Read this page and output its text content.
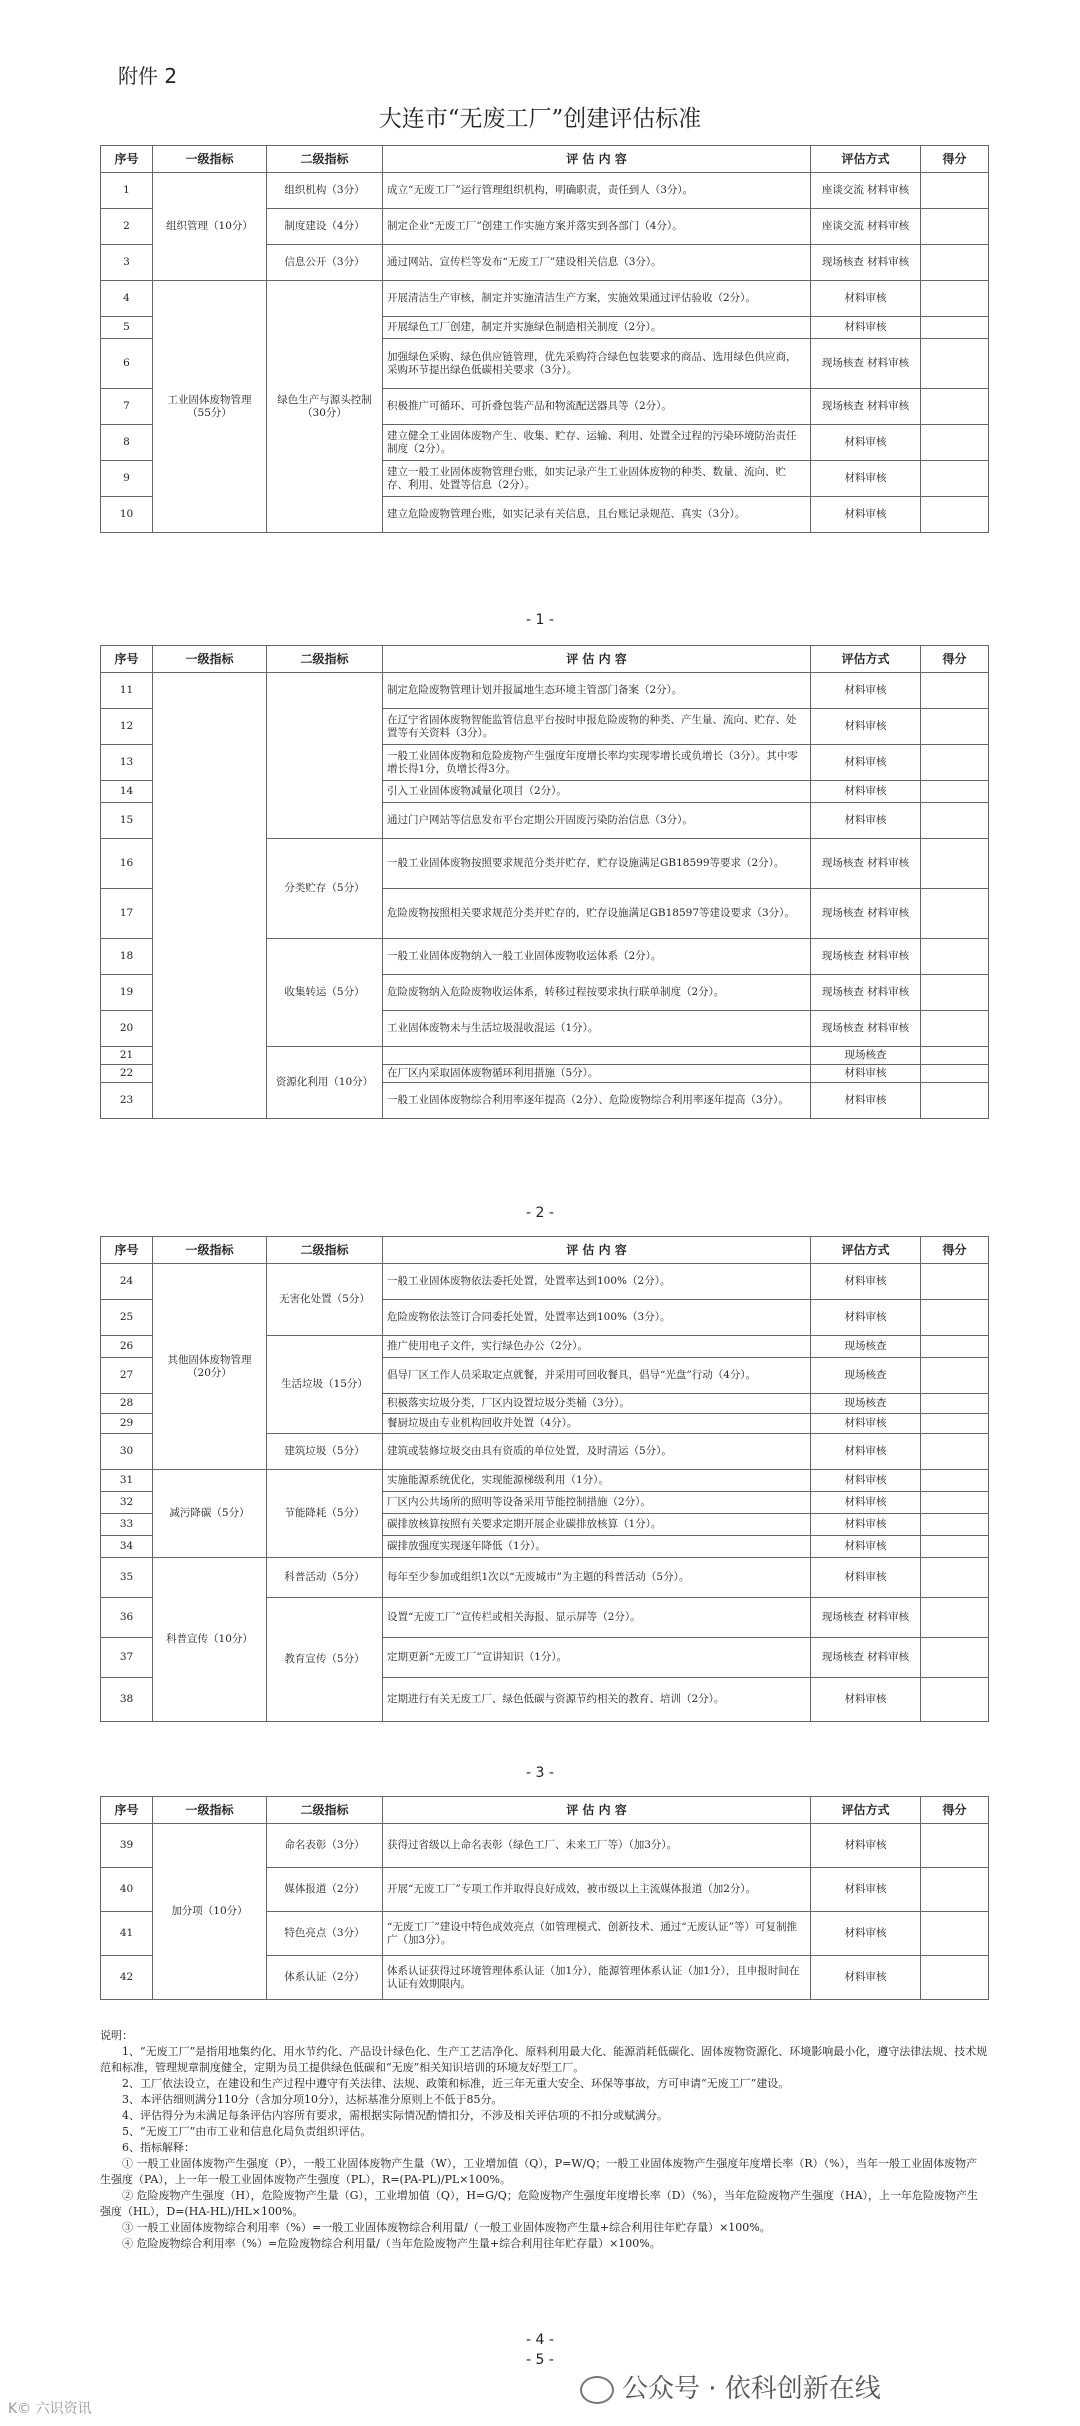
附件 2
大连市“无废工厂”创建评估标准
序号	一级指标	二级指标	评 估 内 容	评估方式	得分
1	组织管理（10分）	组织机构（3分）	成立“无废工厂”运行管理组织机构，明确职责，责任到人（3分）。	座谈交流 材料审核	
2		制度建设（4分）	制定企业“无废工厂”创建工作实施方案并落实到各部门（4分）。	座谈交流 材料审核	
3		信息公开（3分）	通过网站、宣传栏等发布“无废工厂”建设相关信息（3分）。	现场核查 材料审核	
4	工业固体废物管理（55分）	绿色生产与源头控制（30分）	开展清洁生产审核，制定并实施清洁生产方案，实施效果通过评估验收（2分）。	材料审核	
5			开展绿色工厂创建，制定并实施绿色制造相关制度（2分）。	材料审核	
6			加强绿色采购、绿色供应链管理，优先采购符合绿色包装要求的商品、选用绿色供应商，采购环节提出绿色低碳相关要求（3分）。	现场核查 材料审核	
7			积极推广可循环、可折叠包装产品和物流配送器具等（2分）。	现场核查 材料审核	
8			建立健全工业固体废物产生、收集、贮存、运输、利用、处置全过程的污染环境防治责任制度（2分）。	材料审核	
9			建立一般工业固体废物管理台账，如实记录产生工业固体废物的种类、数量、流向、贮存、利用、处置等信息（2分）。	材料审核	
10			建立危险废物管理台账，如实记录有关信息，且台账记录规范、真实（3分）。	材料审核	
- 1 -
序号	一级指标	二级指标	评 估 内 容	评估方式	得分
11			制定危险废物管理计划并报属地生态环境主管部门备案（2分）。	材料审核	
12			在辽宁省固体废物智能监管信息平台按时申报危险废物的种类、产生量、流向、贮存、处置等有关资料（3分）。	材料审核	
13			一般工业固体废物和危险废物产生强度年度增长率均实现零增长或负增长（3分）。其中零增长得1分，负增长得3分。	材料审核	
14			引入工业固体废物减量化项目（2分）。	材料审核	
15			通过门户网站等信息发布平台定期公开固废污染防治信息（3分）。	材料审核	
16		分类贮存（5分）	一般工业固体废物按照要求规范分类并贮存，贮存设施满足GB18599等要求（2分）。	现场核查 材料审核	
17			危险废物按照相关要求规范分类并贮存的，贮存设施满足GB18597等建设要求（3分）。	现场核查 材料审核	
18		收集转运（5分）	一般工业固体废物纳入一般工业固体废物收运体系（2分）。	现场核查 材料审核	
19			危险废物纳入危险废物收运体系，转移过程按要求执行联单制度（2分）。	现场核查 材料审核	
20			工业固体废物未与生活垃圾混收混运（1分）。	现场核查 材料审核	
21		资源化利用（10分）		现场核查	
22			在厂区内采取固体废物循环利用措施（5分）。	材料审核	
23			一般工业固体废物综合利用率逐年提高（2分）、危险废物综合利用率逐年提高（3分）。	材料审核	
- 2 -
序号	一级指标	二级指标	评 估 内 容	评估方式	得分
24	其他固体废物管理（20分）	无害化处置（5分）	一般工业固体废物依法委托处置，处置率达到100%（2分）。	材料审核	
25			危险废物依法签订合同委托处置，处置率达到100%（3分）。	材料审核	
26		生活垃圾（15分）	推广使用电子文件，实行绿色办公（2分）。	现场核查	
27			倡导厂区工作人员采取定点就餐，并采用可回收餐具，倡导“光盘”行动（4分）。	现场核查	
28			积极落实垃圾分类，厂区内设置垃圾分类桶（3分）。	现场核查	
29			餐厨垃圾由专业机构回收并处置（4分）。	材料审核	
30		建筑垃圾（5分）	建筑或装修垃圾交由具有资质的单位处置，及时清运（5分）。	材料审核	
31	减污降碳（5分）	节能降耗（5分）	实施能源系统优化，实现能源梯级利用（1分）。	材料审核	
32			厂区内公共场所的照明等设备采用节能控制措施（2分）。	材料审核	
33			碳排放核算按照有关要求定期开展企业碳排放核算（1分）。	材料审核	
34			碳排放强度实现逐年降低（1分）。	材料审核	
35	科普宣传（10分）	科普活动（5分）	每年至少参加或组织1次以“无废城市”为主题的科普活动（5分）。	材料审核	
36		教育宣传（5分）	设置“无废工厂”宣传栏或相关海报、显示屏等（2分）。	现场核查 材料审核	
37			定期更新“无废工厂”宣讲知识（1分）。	现场核查 材料审核	
38			定期进行有关无废工厂、绿色低碳与资源节约相关的教育、培训（2分）。	材料审核	
- 3 -
序号	一级指标	二级指标	评 估 内 容	评估方式	得分
39	加分项（10分）	命名表彰（3分）	获得过省级以上命名表彰（绿色工厂、未来工厂等）（加3分）。	材料审核	
40		媒体报道（2分）	开展“无废工厂”专项工作并取得良好成效，被市级以上主流媒体报道（加2分）。	材料审核	
41		特色亮点（3分）	“无废工厂”建设中特色成效亮点（如管理模式、创新技术、通过“无废认证”等）可复制推广（加3分）。	材料审核	
42		体系认证（2分）	体系认证获得过环境管理体系认证（加1分），能源管理体系认证（加1分），且申报时间在认证有效期限内。	材料审核	

说明：

1、“无废工厂”是指用地集约化、用水节约化、产品设计绿色化、生产工艺洁净化、原料利用最大化、能源消耗低碳化、固体废物资源化、环境影响最小化，遵守法律法规、技术规范和标准，管理规章制度健全，定期为员工提供绿色低碳和“无废”相关知识培训的环境友好型工厂。

2、工厂依法设立，在建设和生产过程中遵守有关法律、法规、政策和标准，近三年无重大安全、环保等事故，方可申请“无废工厂”建设。

3、本评估细则满分110分（含加分项10分），达标基准分原则上不低于85分。

4、评估得分为未满足每条评估内容所有要求，需根据实际情况酌情扣分，不涉及相关评估项的不扣分或赋满分。

5、“无废工厂”由市工业和信息化局负责组织评估。

6、指标解释：

① 一般工业固体废物产生强度（P），一般工业固体废物产生量（W），工业增加值（Q），P=W/Q；一般工业固体废物产生强度年度增长率（R）（%），当年一般工业固体废物产生强度（PA），上一年一般工业固体废物产生强度（PL），R=(PA-PL)/PL×100%。

② 危险废物产生强度（H），危险废物产生量（G），工业增加值（Q），H=G/Q；危险废物产生强度年度增长率（D）（%），当年危险废物产生强度（HA），上一年危险废物产生强度（HL），D=(HA-HL)/HL×100%。

③ 一般工业固体废物综合利用率（%）=一般工业固体废物综合利用量/（一般工业固体废物产生量+综合利用往年贮存量）×100%。

④ 危险废物综合利用率（%）=危险废物综合利用量/（当年危险废物产生量+综合利用往年贮存量）×100%。

- 4 -
- 5 -
公众号 · 依科创新在线
K© 六识资讯
